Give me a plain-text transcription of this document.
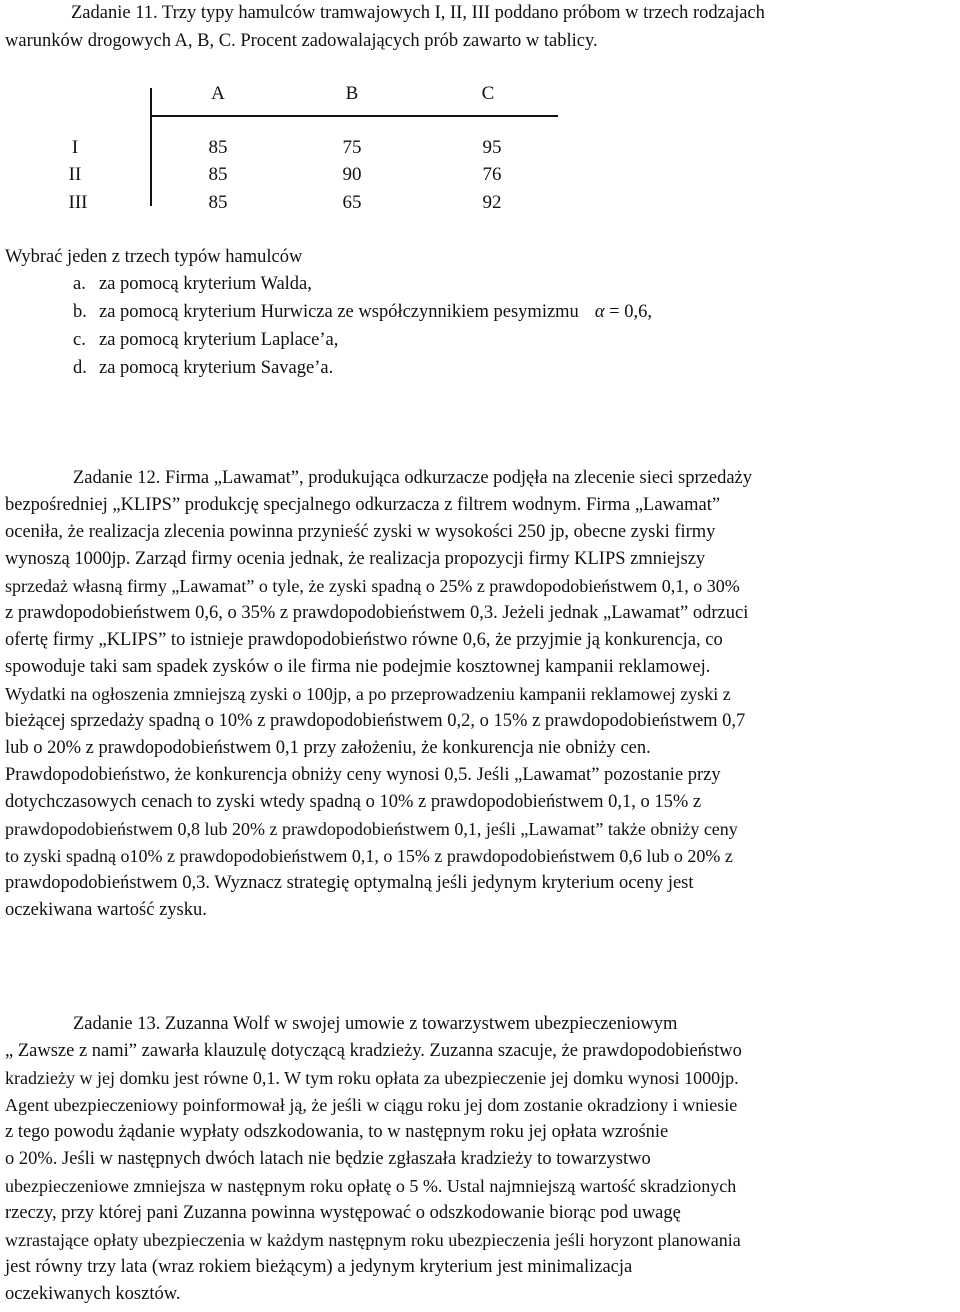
Zadanie 11. Trzy typy hamulców tramwajowych I, II, III poddano próbom w trzech rodzajach
warunków drogowych A, B, C. Procent zadowalających prób zawarto w tablicy.
A	B	C
I	85	75	95
II	85	90	76
III	85	65	92
Wybrać jeden z trzech typów hamulców
a. za pomocą kryterium Walda,
b. za pomocą kryterium Hurwicza ze współczynnikiem pesymizmu α = 0,6,
c. za pomocą kryterium Laplace’a,
d. za pomocą kryterium Savage’a.
Zadanie 12. Firma „Lawamat”, produkująca odkurzacze podjęła na zlecenie sieci sprzedaży
bezpośredniej „KLIPS” produkcję specjalnego odkurzacza z filtrem wodnym. Firma „Lawamat”
oceniła, że realizacja zlecenia powinna przynieść zyski w wysokości 250 jp, obecne zyski firmy
wynoszą 1000jp. Zarząd firmy ocenia jednak, że realizacja propozycji firmy KLIPS zmniejszy
sprzedaż własną firmy „Lawamat” o tyle, że zyski spadną o 25% z prawdopodobieństwem 0,1, o 30%
z prawdopodobieństwem 0,6, o 35% z prawdopodobieństwem 0,3. Jeżeli jednak „Lawamat” odrzuci
ofertę firmy „KLIPS” to istnieje prawdopodobieństwo równe 0,6, że przyjmie ją konkurencja, co
spowoduje taki sam spadek zysków o ile firma nie podejmie kosztownej kampanii reklamowej.
Wydatki na ogłoszenia zmniejszą zyski o 100jp, a po przeprowadzeniu kampanii reklamowej zyski z
bieżącej sprzedaży spadną o 10% z prawdopodobieństwem 0,2, o 15% z prawdopodobieństwem 0,7
lub o 20% z prawdopodobieństwem 0,1 przy założeniu, że konkurencja nie obniży cen.
Prawdopodobieństwo, że konkurencja obniży ceny wynosi 0,5. Jeśli „Lawamat” pozostanie przy
dotychczasowych cenach to zyski wtedy spadną o 10% z prawdopodobieństwem 0,1, o 15% z
prawdopodobieństwem 0,8 lub 20% z prawdopodobieństwem 0,1, jeśli „Lawamat” także obniży ceny
to zyski spadną o10% z prawdopodobieństwem 0,1, o 15% z prawdopodobieństwem 0,6 lub o 20% z
prawdopodobieństwem 0,3. Wyznacz strategię optymalną jeśli jedynym kryterium oceny jest
oczekiwana wartość zysku.
Zadanie 13. Zuzanna Wolf w swojej umowie z towarzystwem ubezpieczeniowym
„ Zawsze z nami” zawarła klauzulę dotyczącą kradzieży. Zuzanna szacuje, że prawdopodobieństwo
kradzieży w jej domku jest równe 0,1. W tym roku opłata za ubezpieczenie jej domku wynosi 1000jp.
Agent ubezpieczeniowy poinformował ją, że jeśli w ciągu roku jej dom zostanie okradziony i wniesie
z tego powodu żądanie wypłaty odszkodowania, to w następnym roku jej opłata wzrośnie
o 20%. Jeśli w następnych dwóch latach nie będzie zgłaszała kradzieży to towarzystwo
ubezpieczeniowe zmniejsza w następnym roku opłatę o 5 %. Ustal najmniejszą wartość skradzionych
rzeczy, przy której pani Zuzanna powinna występować o odszkodowanie biorąc pod uwagę
wzrastające opłaty ubezpieczenia w każdym następnym roku ubezpieczenia jeśli horyzont planowania
jest równy trzy lata (wraz rokiem bieżącym) a jedynym kryterium jest minimalizacja
oczekiwanych kosztów.
